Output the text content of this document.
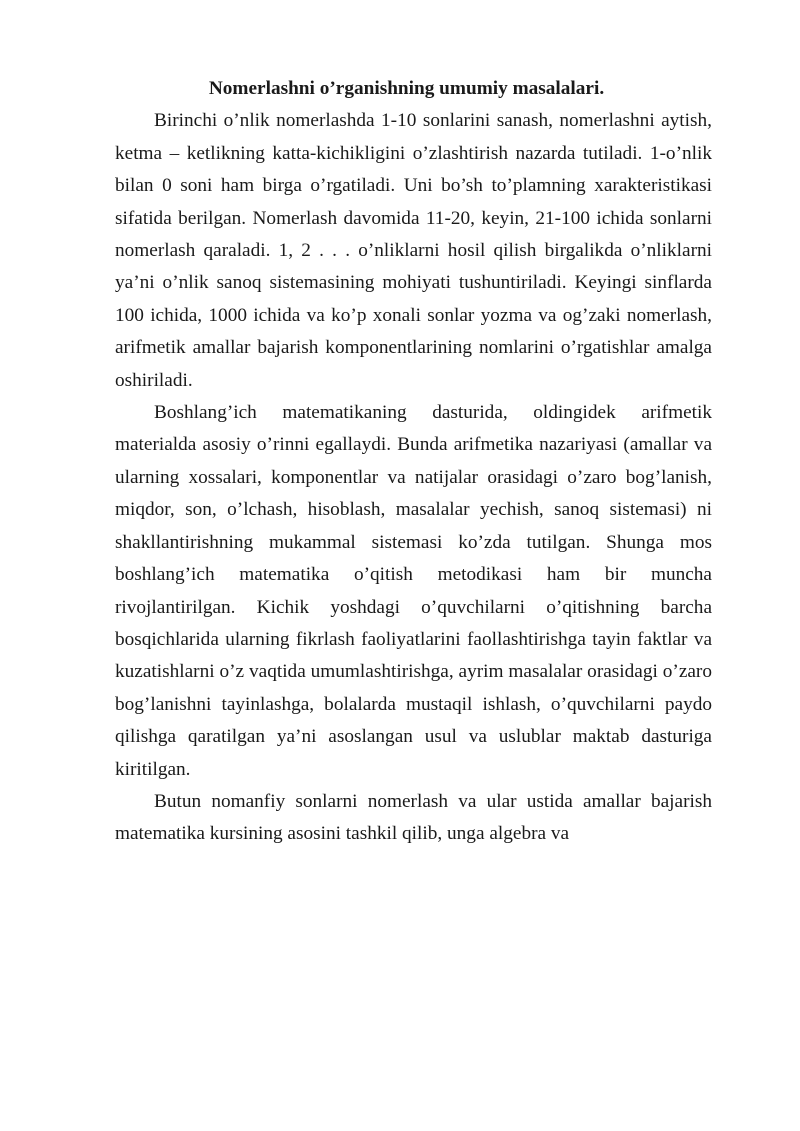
Nomerlashni o’rganishning umumiy masalalari.

Birinchi o’nlik nomerlashda 1-10 sonlarini sanash, nomerlashni aytish, ketma – ketlikning katta-kichikligini o’zlashtirish nazarda tutiladi. 1-o’nlik bilan 0 soni ham birga o’rgatiladi. Uni bo’sh to’plamning xarakteristikasi sifatida berilgan. Nomerlash davomida 11-20, keyin, 21-100 ichida sonlarni nomerlash qaraladi. 1, 2 . . . o’nliklarni hosil qilish birgalikda o’nliklarni ya’ni o’nlik sanoq sistemasining mohiyati tushuntiriladi. Keyingi sinflarda 100 ichida, 1000 ichida va ko’p xonali sonlar yozma va og’zaki nomerlash, arifmetik amallar bajarish komponentlarining nomlarini o’rgatishlar amalga oshiriladi.

Boshlang’ich matematikaning dasturida, oldingidek arifmetik materialda asosiy o’rinni egallaydi. Bunda arifmetika nazariyasi (amallar va ularning xossalari, komponentlar va natijalar orasidagi o’zaro bog’lanish, miqdor, son, o’lchash, hisoblash, masalalar yechish, sanoq sistemasi) ni shakllantirishning mukammal sistemasi ko’zda tutilgan. Shunga mos boshlang’ich matematika o’qitish metodikasi ham bir muncha rivojlantirilgan. Kichik yoshdagi o’quvchilarni o’qitishning barcha bosqichlarida ularning fikrlash faoliyatlarini faollashtirishga tayin faktlar va kuzatishlarni o’z vaqtida umumlashtirishga, ayrim masalalar orasidagi o’zaro bog’lanishni tayinlashga, bolalarda mustaqil ishlash, o’quvchilarni paydo qilishga qaratilgan ya’ni asoslangan usul va uslublar maktab dasturiga kiritilgan.

Butun nomanfiy sonlarni nomerlash va ular ustida amallar bajarish matematika kursining asosini tashkil qilib, unga algebra va
